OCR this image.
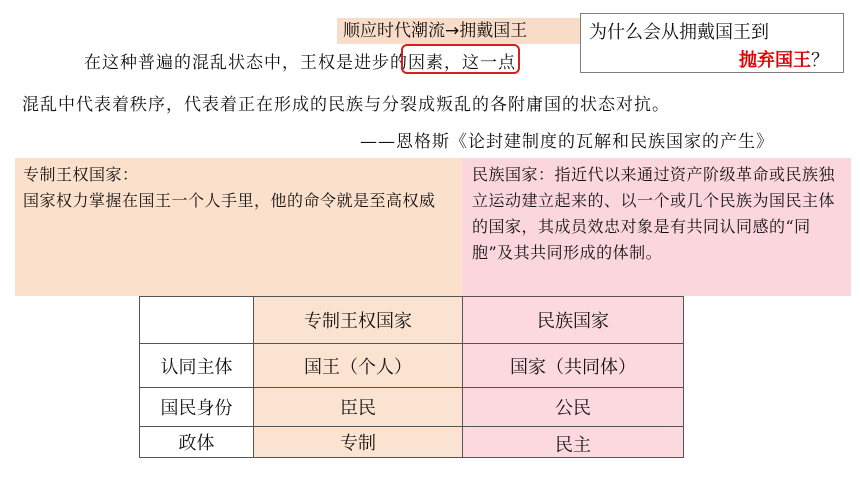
顺应时代潮流→拥戴国王
在这种普遍的混乱状态中，王权是进步的因素，这一点
混乱中代表着秩序，代表着正在形成的民族与分裂成叛乱的各附庸国的状态对抗。
——恩格斯《论封建制度的瓦解和民族国家的产生》
为什么会从拥戴国王到
抛弃国王？
专制王权国家：
国家权力掌握在国王一个人手里，他的命令就是至高权威
民族国家：指近代以来通过资产阶级革命或民族独立运动建立起来的、以一个或几个民族为国民主体的国家，其成员效忠对象是有共同认同感的“同胞”及其共同形成的体制。
	专制王权国家	民族国家
认同主体	国王（个人）	国家（共同体）
国民身份	臣民	公民
政体	专制	民主
